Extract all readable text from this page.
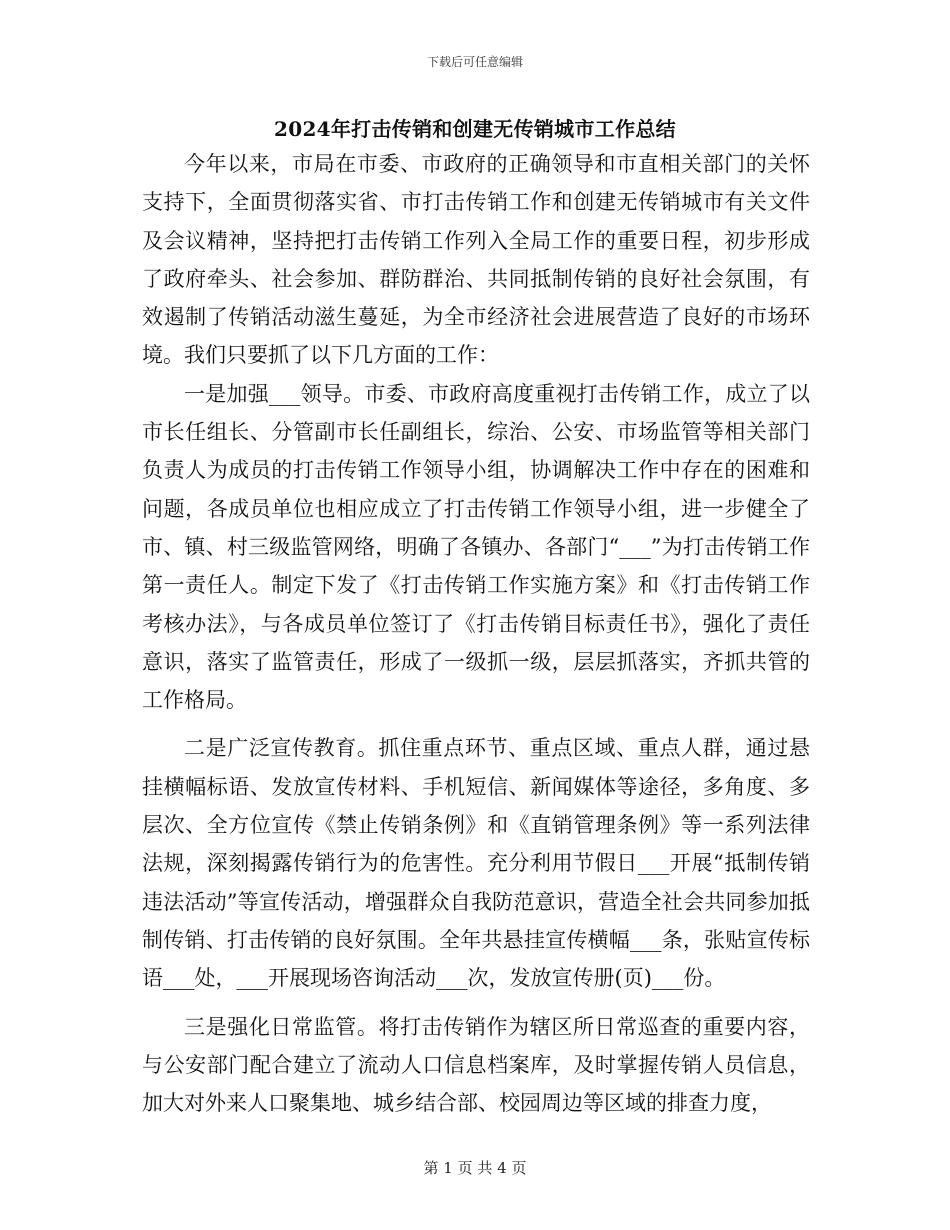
下载后可任意编辑
2024年打击传销和创建无传销城市工作总结

今年以来，市局在市委、市政府的正确领导和市直相关部门的关怀支持下，全面贯彻落实省、市打击传销工作和创建无传销城市有关文件及会议精神，坚持把打击传销工作列入全局工作的重要日程，初步形成了政府牵头、社会参加、群防群治、共同抵制传销的良好社会氛围，有效遏制了传销活动滋生蔓延，为全市经济社会进展营造了良好的市场环境。我们只要抓了以下几方面的工作：

一是加强___领导。市委、市政府高度重视打击传销工作，成立了以市长任组长、分管副市长任副组长，综治、公安、市场监管等相关部门负责人为成员的打击传销工作领导小组，协调解决工作中存在的困难和问题，各成员单位也相应成立了打击传销工作领导小组，进一步健全了市、镇、村三级监管网络，明确了各镇办、各部门“___”为打击传销工作第一责任人。制定下发了《打击传销工作实施方案》和《打击传销工作考核办法》，与各成员单位签订了《打击传销目标责任书》，强化了责任意识，落实了监管责任，形成了一级抓一级，层层抓落实，齐抓共管的工作格局。

二是广泛宣传教育。抓住重点环节、重点区域、重点人群，通过悬挂横幅标语、发放宣传材料、手机短信、新闻媒体等途径，多角度、多层次、全方位宣传《禁止传销条例》和《直销管理条例》等一系列法律法规，深刻揭露传销行为的危害性。充分利用节假日___开展“抵制传销违法活动”等宣传活动，增强群众自我防范意识，营造全社会共同参加抵制传销、打击传销的良好氛围。全年共悬挂宣传横幅___条，张贴宣传标语___处，___开展现场咨询活动___次，发放宣传册(页)___份。

三是强化日常监管。将打击传销作为辖区所日常巡查的重要内容，与公安部门配合建立了流动人口信息档案库，及时掌握传销人员信息，加大对外来人口聚集地、城乡结合部、校园周边等区域的排查力度，

第 1 页 共 4 页
